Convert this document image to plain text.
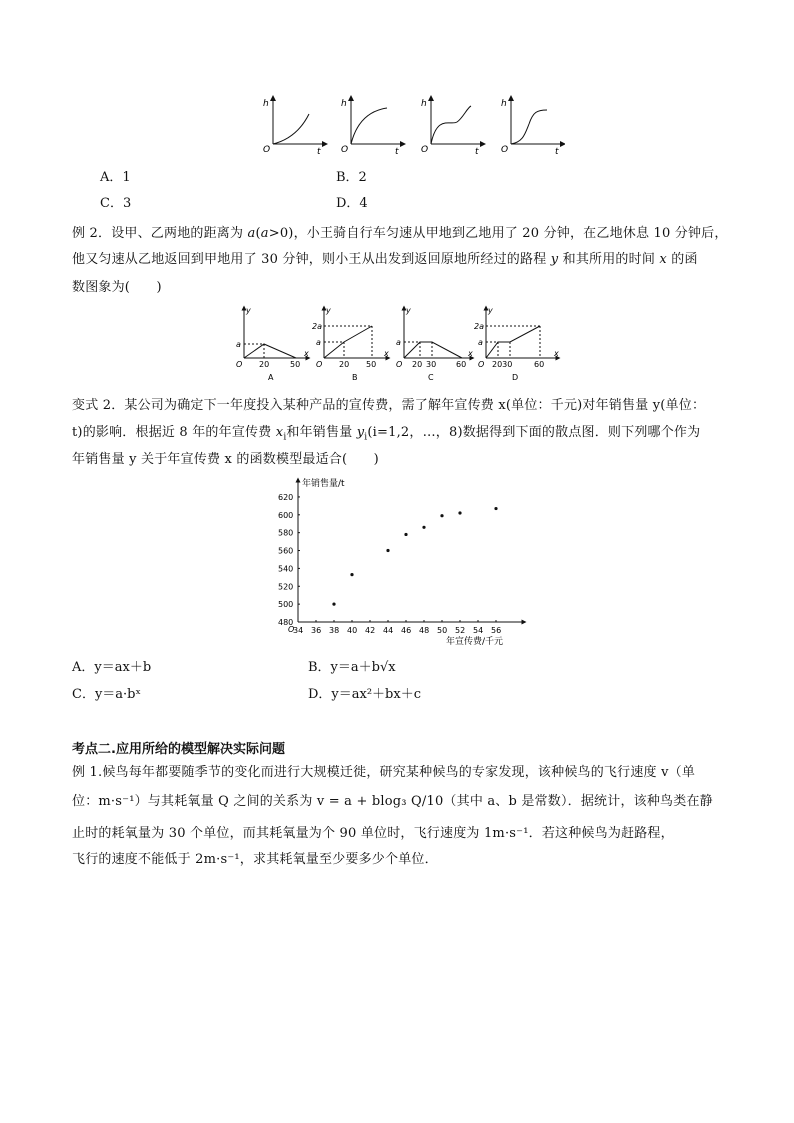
h
O	t
h
O	t
h
O	t
h
O	t
A．1	B．2
C．3	D．4
例 2．设甲、乙两地的距离为 a(a>0)，小王骑自行车匀速从甲地到乙地用了 20 分钟，在乙地休息 10 分钟后，
他又匀速从乙地返回到甲地用了 30 分钟，则小王从出发到返回原地所经过的路程 y 和其所用的时间 x 的函
数图象为(　　)
y
x
O
a
20	50
A
y
x
O
a
2a
20 50
B
y
x
O
a
20 30 60
C
y
x
O
a
2a
2030	60
D
变式 2．某公司为确定下一年度投入某种产品的宣传费，需了解年宣传费 x(单位：千元)对年销售量 y(单位：
t)的影响．根据近 8 年的年宣传费 $x_i$和年销售量 $y_i(i=1,2$，…，8)数据得到下面的散点图．则下列哪个作为
年销售量 y 关于年宣传费 x 的函数模型最适合(　　)
年销售量/t
年宣传费/千元
O
34 36 38 40 42 44 46 48 50 52 54 56
480
500
520
540
560
580
600
620
A．y＝ax＋b	B．y＝a＋b√x
C．y＝a·bˣ	D．y＝ax²＋bx＋c
考点二.应用所给的模型解决实际问题
例 1.候鸟每年都要随季节的变化而进行大规模迁徙，研究某种候鸟的专家发现，该种候鸟的飞行速度 v（单
位：m·s⁻¹）与其耗氧量 Q 之间的关系为 v = a + blog₃ Q/10（其中 a、b 是常数）．据统计，该种鸟类在静
止时的耗氧量为 30 个单位，而其耗氧量为个 90 单位时，飞行速度为 1m·s⁻¹．若这种候鸟为赶路程，
飞行的速度不能低于 2m·s⁻¹，求其耗氧量至少要多少个单位．
